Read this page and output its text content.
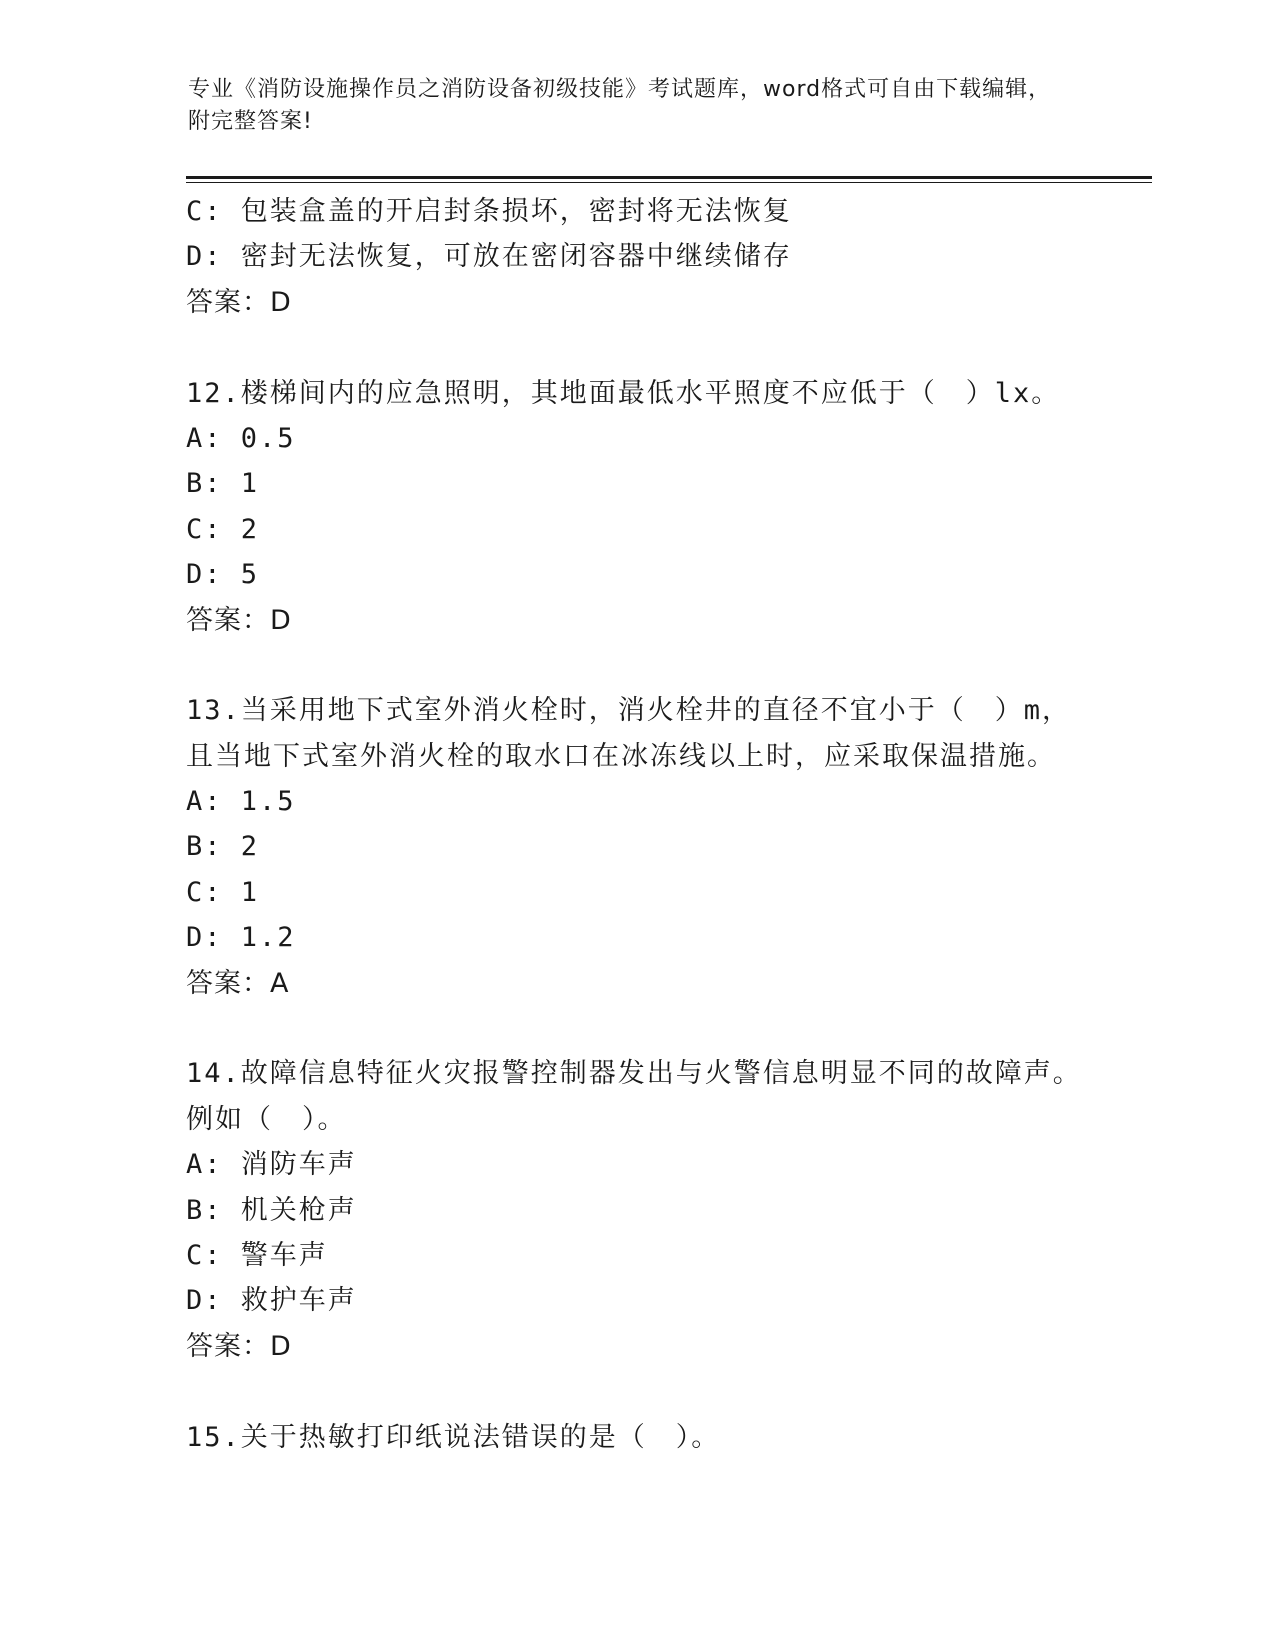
专业《消防设施操作员之消防设备初级技能》考试题库，word格式可自由下载编辑，附完整答案!
C: 包装盒盖的开启封条损坏，密封将无法恢复
D: 密封无法恢复，可放在密闭容器中继续储存
答案：D
12.楼梯间内的应急照明，其地面最低水平照度不应低于（　）lx。
A: 0.5
B: 1
C: 2
D: 5
答案：D
13.当采用地下式室外消火栓时，消火栓井的直径不宜小于（　）m，
且当地下式室外消火栓的取水口在冰冻线以上时，应采取保温措施。
A: 1.5
B: 2
C: 1
D: 1.2
答案：A
14.故障信息特征火灾报警控制器发出与火警信息明显不同的故障声。
例如（　）。
A: 消防车声
B: 机关枪声
C: 警车声
D: 救护车声
答案：D
15.关于热敏打印纸说法错误的是（　）。
